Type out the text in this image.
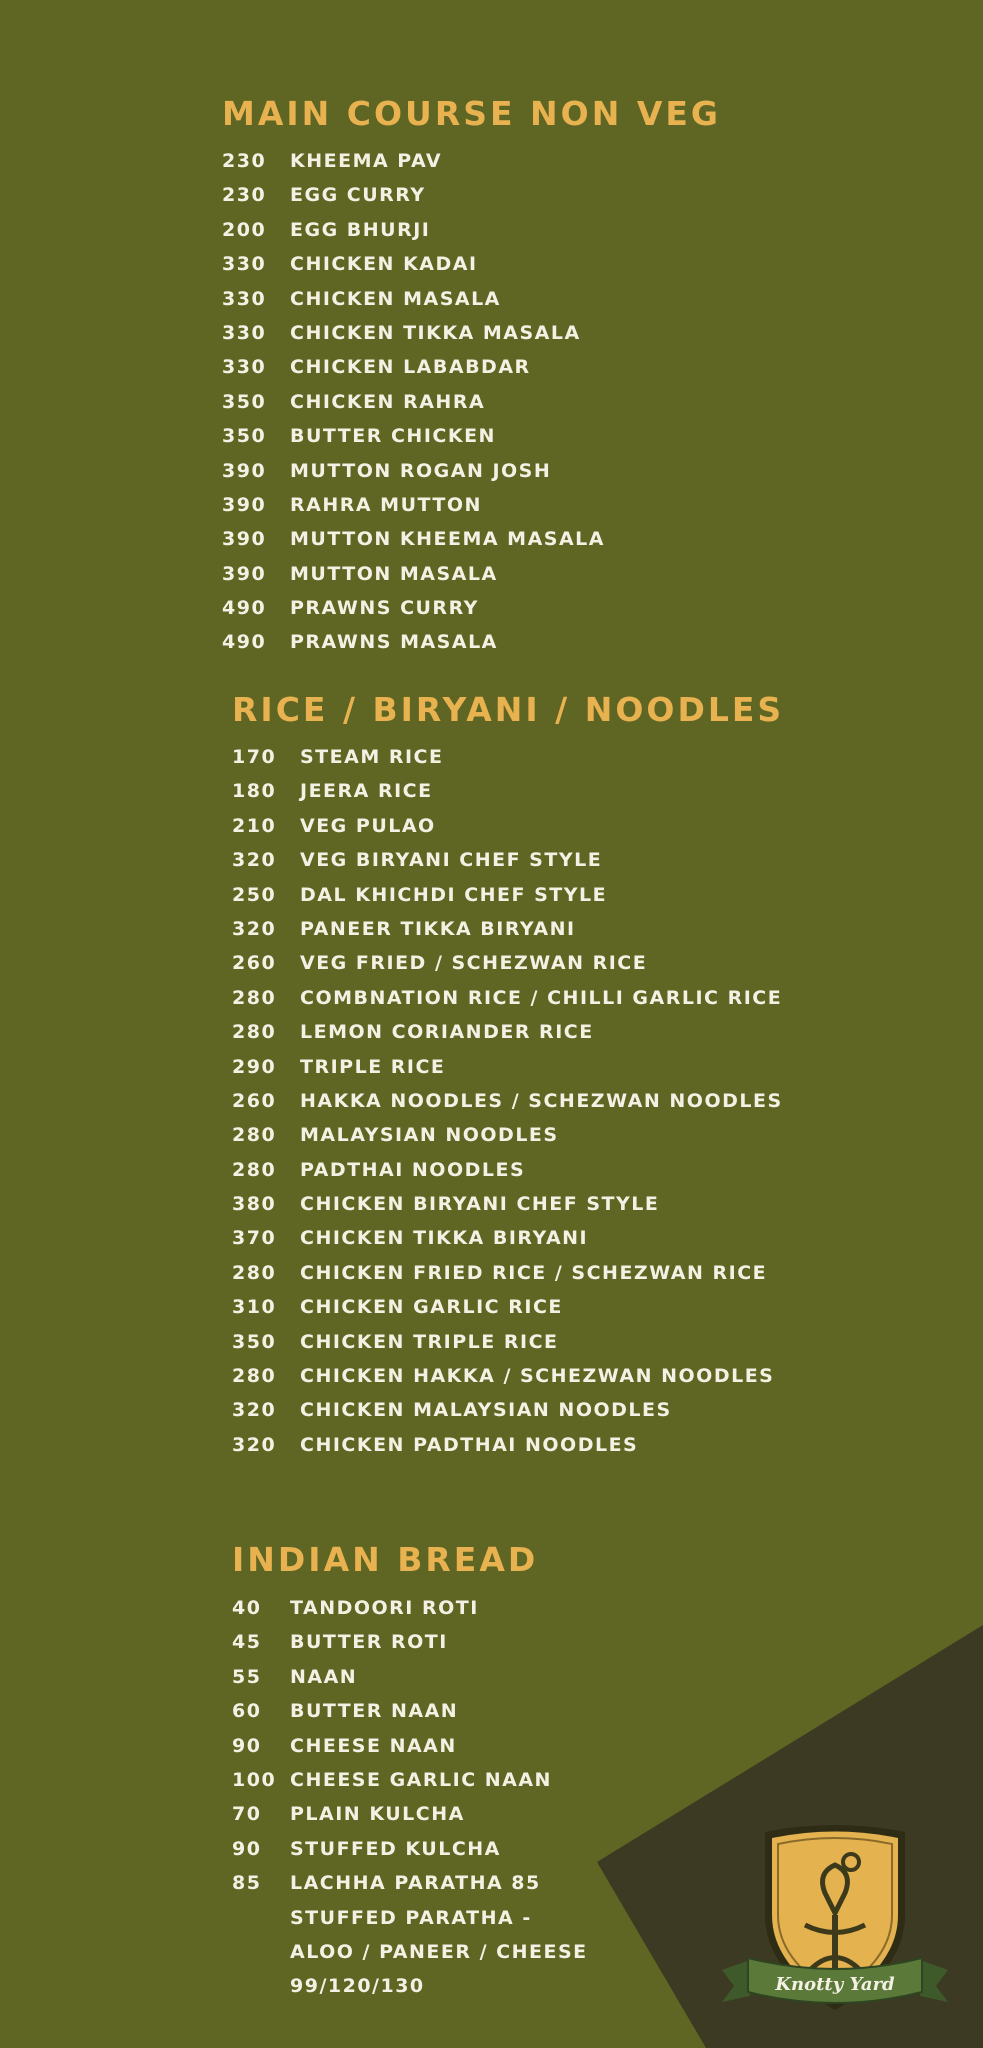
MAIN COURSE NON VEG
230	KHEEMA PAV
230	EGG CURRY
200	EGG BHURJI
330	CHICKEN KADAI
330	CHICKEN MASALA
330	CHICKEN TIKKA MASALA
330	CHICKEN LABABDAR
350	CHICKEN RAHRA
350	BUTTER CHICKEN
390	MUTTON ROGAN JOSH
390	RAHRA MUTTON
390	MUTTON KHEEMA MASALA
390	MUTTON MASALA
490	PRAWNS CURRY
490	PRAWNS MASALA
RICE / BIRYANI / NOODLES
170	STEAM RICE
180	JEERA RICE
210	VEG PULAO
320	VEG BIRYANI CHEF STYLE
250	DAL KHICHDI CHEF STYLE
320	PANEER TIKKA BIRYANI
260	VEG FRIED / SCHEZWAN RICE
280	COMBNATION RICE / CHILLI GARLIC RICE
280	LEMON CORIANDER RICE
290	TRIPLE RICE
260	HAKKA NOODLES / SCHEZWAN NOODLES
280	MALAYSIAN NOODLES
280	PADTHAI NOODLES
380	CHICKEN BIRYANI CHEF STYLE
370	CHICKEN TIKKA BIRYANI
280	CHICKEN FRIED RICE / SCHEZWAN RICE
310	CHICKEN GARLIC RICE
350	CHICKEN TRIPLE RICE
280	CHICKEN HAKKA / SCHEZWAN NOODLES
320	CHICKEN MALAYSIAN NOODLES
320	CHICKEN PADTHAI NOODLES
INDIAN BREAD
40	TANDOORI ROTI
45	BUTTER ROTI
55	NAAN
60	BUTTER NAAN
90	CHEESE NAAN
100 CHEESE GARLIC NAAN
70	PLAIN KULCHA
90	STUFFED KULCHA
85	LACHHA PARATHA 85
STUFFED PARATHA -
ALOO / PANEER / CHEESE
99/120/130	Knotty Yard
